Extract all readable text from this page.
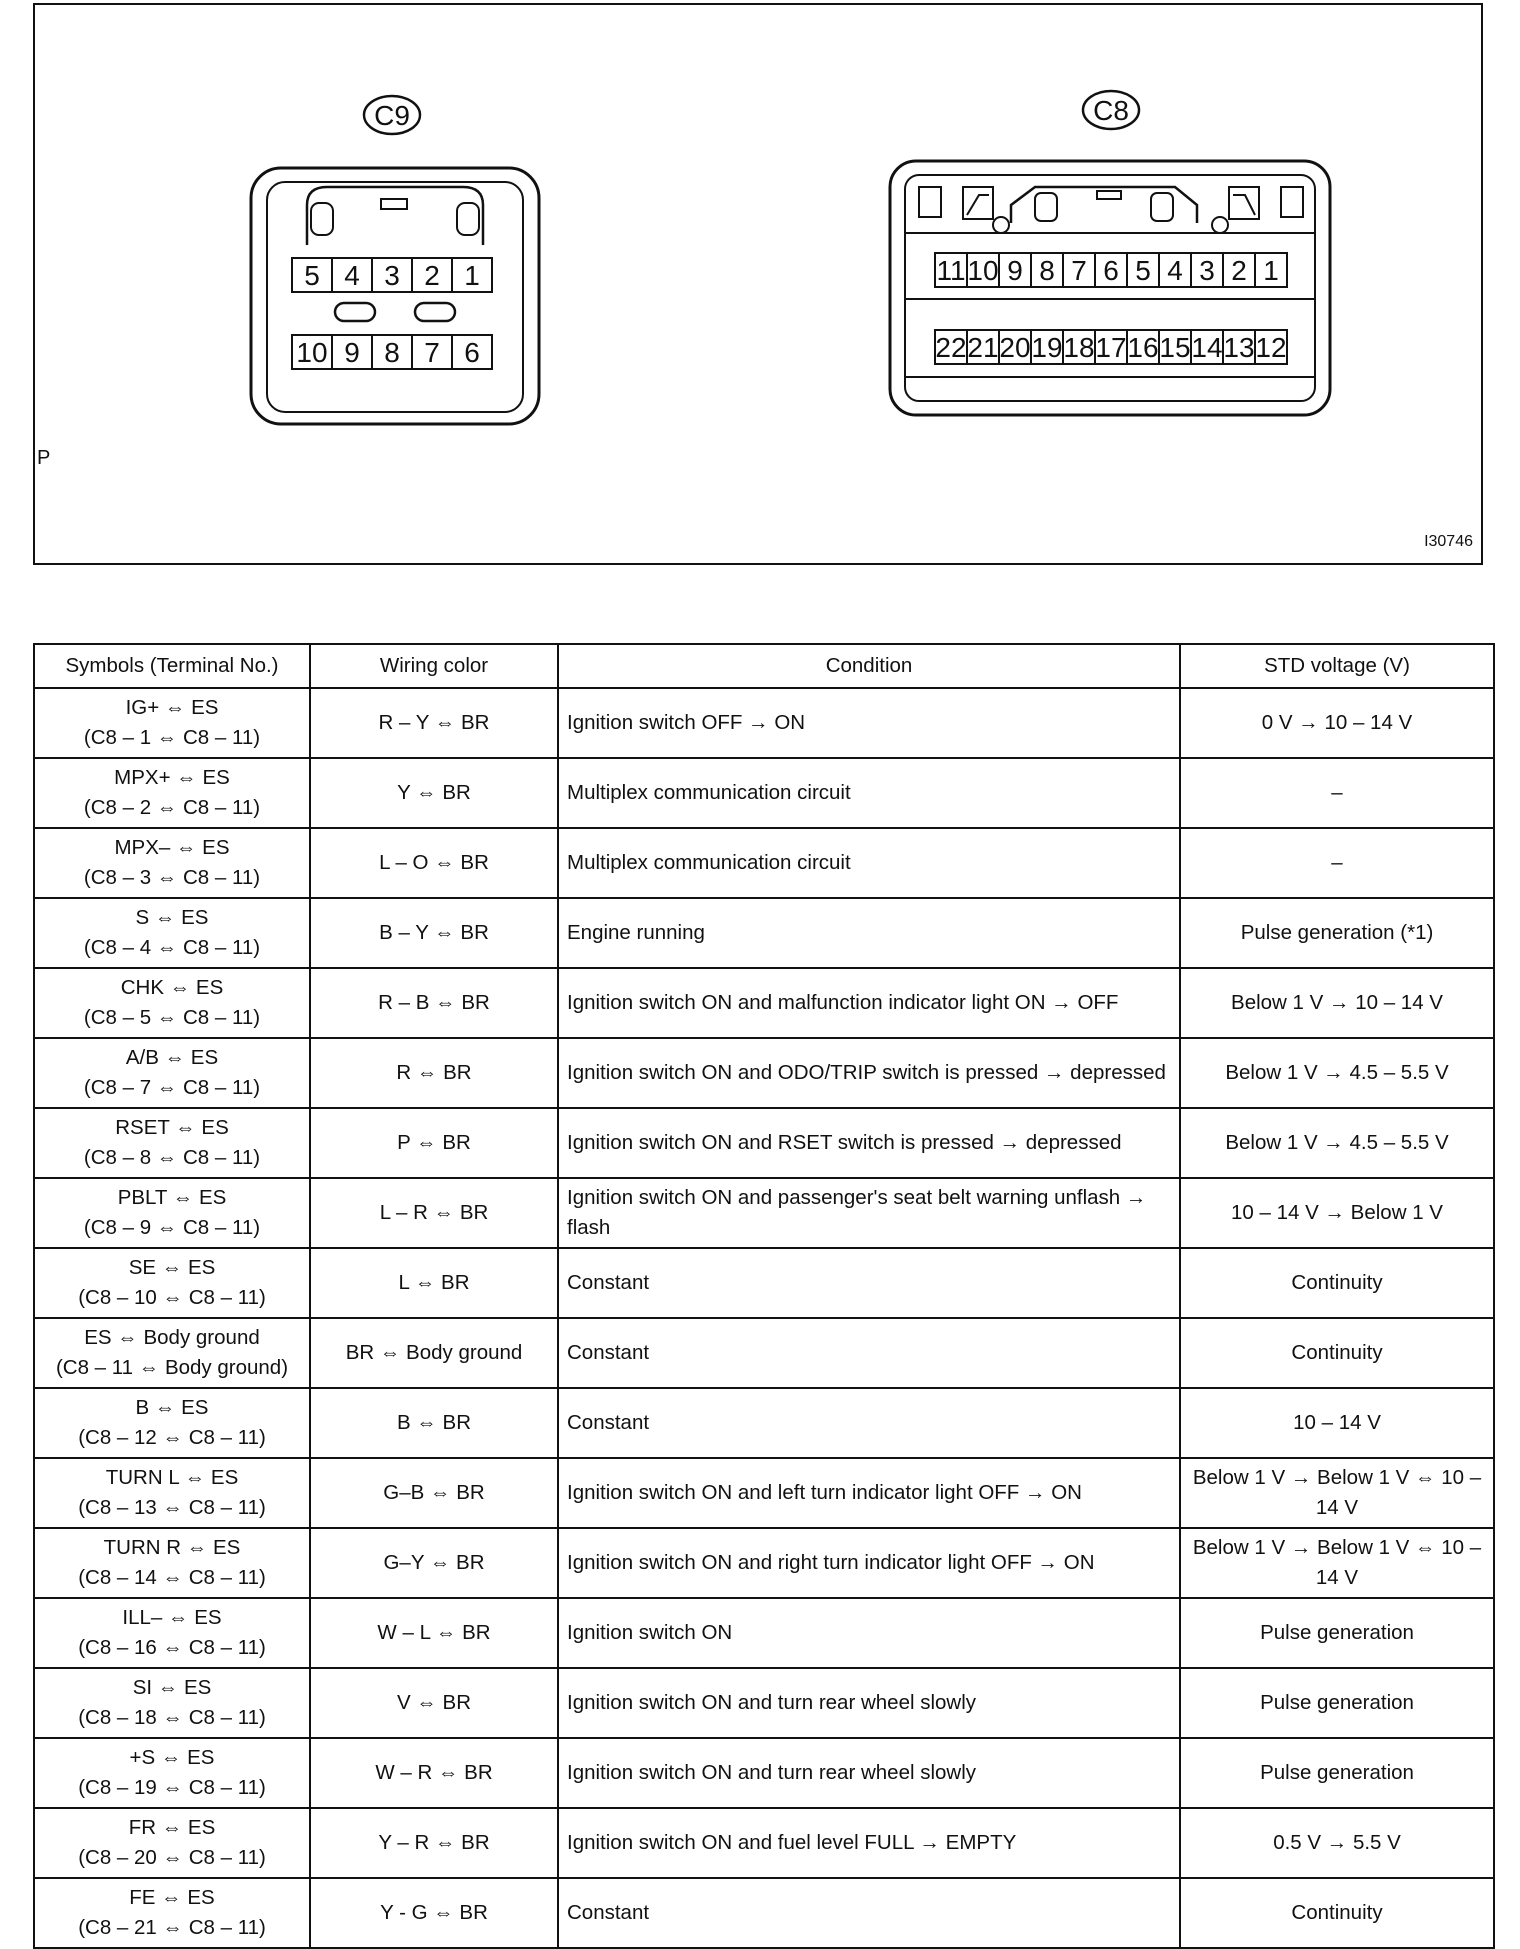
C9
5 4 3 2 1
10 9 8 7 6
C8
11 10 9 8 7 6 5 4 3 2 1
22 21 20 19 18 17 16 15 14 13 12
P
I30746
Symbols (Terminal No.)	Wiring color	Condition	STD voltage (V)

IG+ ⇔ ES
(C8 – 1 ⇔ C8 – 11)	R – Y ⇔ BR	Ignition switch OFF → ON	0 V → 10 – 14 V

MPX+ ⇔ ES
(C8 – 2 ⇔ C8 – 11)	Y ⇔ BR	Multiplex communication circuit	–

MPX– ⇔ ES
(C8 – 3 ⇔ C8 – 11)	L – O ⇔ BR	Multiplex communication circuit	–

S ⇔ ES
(C8 – 4 ⇔ C8 – 11)	B – Y ⇔ BR	Engine running	Pulse generation (*1)

CHK ⇔ ES
(C8 – 5 ⇔ C8 – 11)	R – B ⇔ BR	Ignition switch ON and malfunction indicator light ON → OFF	Below 1 V → 10 – 14 V

A/B ⇔ ES
(C8 – 7 ⇔ C8 – 11)	R ⇔ BR	Ignition switch ON and ODO/TRIP switch is pressed → depressed	Below 1 V → 4.5 – 5.5 V

RSET ⇔ ES
(C8 – 8 ⇔ C8 – 11)	P ⇔ BR	Ignition switch ON and RSET switch is pressed → depressed	Below 1 V → 4.5 – 5.5 V

PBLT ⇔ ES
(C8 – 9 ⇔ C8 – 11)	L – R ⇔ BR	Ignition switch ON and passenger's seat belt warning unflash → flash	10 – 14 V → Below 1 V

SE ⇔ ES
(C8 – 10 ⇔ C8 – 11)	L ⇔ BR	Constant	Continuity

ES ⇔ Body ground
(C8 – 11 ⇔ Body ground)	BR ⇔ Body ground	Constant	Continuity

B ⇔ ES
(C8 – 12 ⇔ C8 – 11)	B ⇔ BR	Constant	10 – 14 V

TURN L ⇔ ES
(C8 – 13 ⇔ C8 – 11)	G–B ⇔ BR	Ignition switch ON and left turn indicator light OFF → ON	Below 1 V → Below 1 V ⇔ 10 – 14 V

TURN R ⇔ ES
(C8 – 14 ⇔ C8 – 11)	G–Y ⇔ BR	Ignition switch ON and right turn indicator light OFF → ON	Below 1 V → Below 1 V ⇔ 10 – 14 V

ILL– ⇔ ES
(C8 – 16 ⇔ C8 – 11)	W – L ⇔ BR	Ignition switch ON	Pulse generation

SI ⇔ ES
(C8 – 18 ⇔ C8 – 11)	V ⇔ BR	Ignition switch ON and turn rear wheel slowly	Pulse generation

+S ⇔ ES
(C8 – 19 ⇔ C8 – 11)	W – R ⇔ BR	Ignition switch ON and turn rear wheel slowly	Pulse generation

FR ⇔ ES
(C8 – 20 ⇔ C8 – 11)	Y – R ⇔ BR	Ignition switch ON and fuel level FULL → EMPTY	0.5 V → 5.5 V

FE ⇔ ES
(C8 – 21 ⇔ C8 – 11)	Y - G ⇔ BR	Constant	Continuity
